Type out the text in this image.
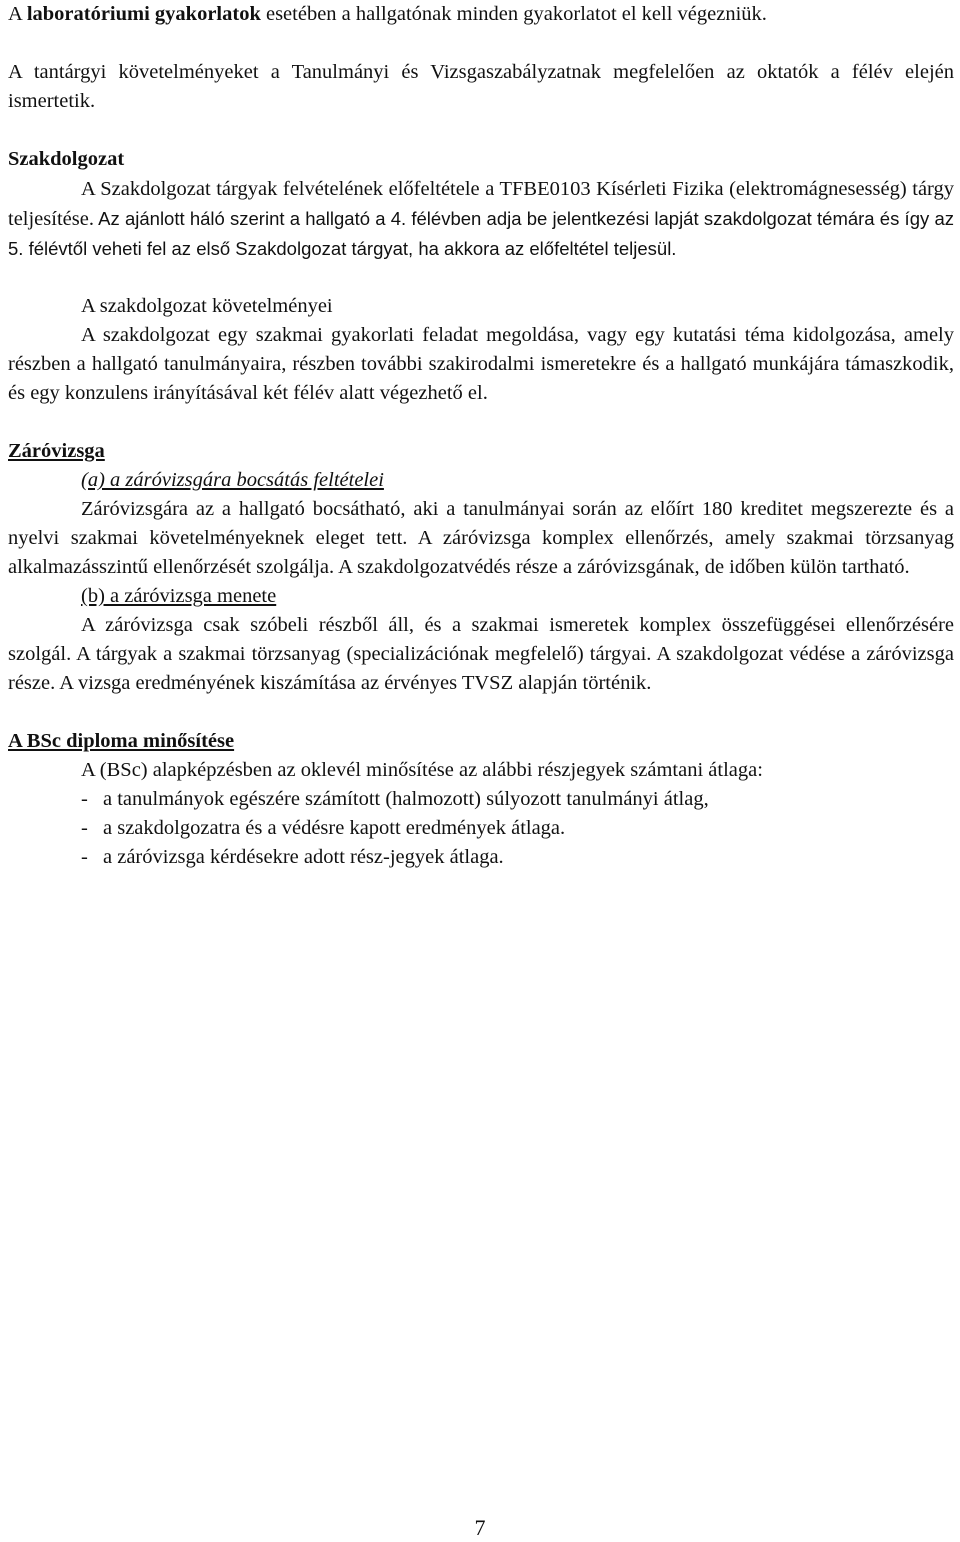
A laboratóriumi gyakorlatok esetében a hallgatónak minden gyakorlatot el kell végezniük.

A tantárgyi követelményeket a Tanulmányi és Vizsgaszabályzatnak megfelelően az oktatók a félév elején ismertetik.

Szakdolgozat

A Szakdolgozat tárgyak felvételének előfeltétele a TFBE0103 Kísérleti Fizika (elektromágnesesség) tárgy teljesítése. Az ajánlott háló szerint a hallgató a 4. félévben adja be jelentkezési lapját szakdolgozat témára és így az 5. félévtől veheti fel az első Szakdolgozat tárgyat, ha akkora az előfeltétel teljesül.

A szakdolgozat követelményei

A szakdolgozat egy szakmai gyakorlati feladat megoldása, vagy egy kutatási téma kidolgozása, amely részben a hallgató tanulmányaira, részben további szakirodalmi ismeretekre és a hallgató munkájára támaszkodik, és egy konzulens irányításával két félév alatt végezhető el.

Záróvizsga

(a) a záróvizsgára bocsátás feltételei

Záróvizsgára az a hallgató bocsátható, aki a tanulmányai során az előírt 180 kreditet megszerezte és a nyelvi szakmai követelményeknek eleget tett. A záróvizsga komplex ellenőrzés, amely szakmai törzsanyag alkalmazásszintű ellenőrzését szolgálja. A szakdolgozatvédés része a záróvizsgának, de időben külön tartható.

(b) a záróvizsga menete

A záróvizsga csak szóbeli részből áll, és a szakmai ismeretek komplex összefüggései ellenőrzésére szolgál. A tárgyak a szakmai törzsanyag (specializációnak megfelelő) tárgyai. A szakdolgozat védése a záróvizsga része. A vizsga eredményének kiszámítása az érvényes TVSZ alapján történik.

A BSc diploma minősítése

A (BSc) alapképzésben az oklevél minősítése az alábbi részjegyek számtani átlaga:

- a tanulmányok egészére számított (halmozott) súlyozott tanulmányi átlag,
- a szakdolgozatra és a védésre kapott eredmények átlaga.
- a záróvizsga kérdésekre adott rész-jegyek átlaga.
7
